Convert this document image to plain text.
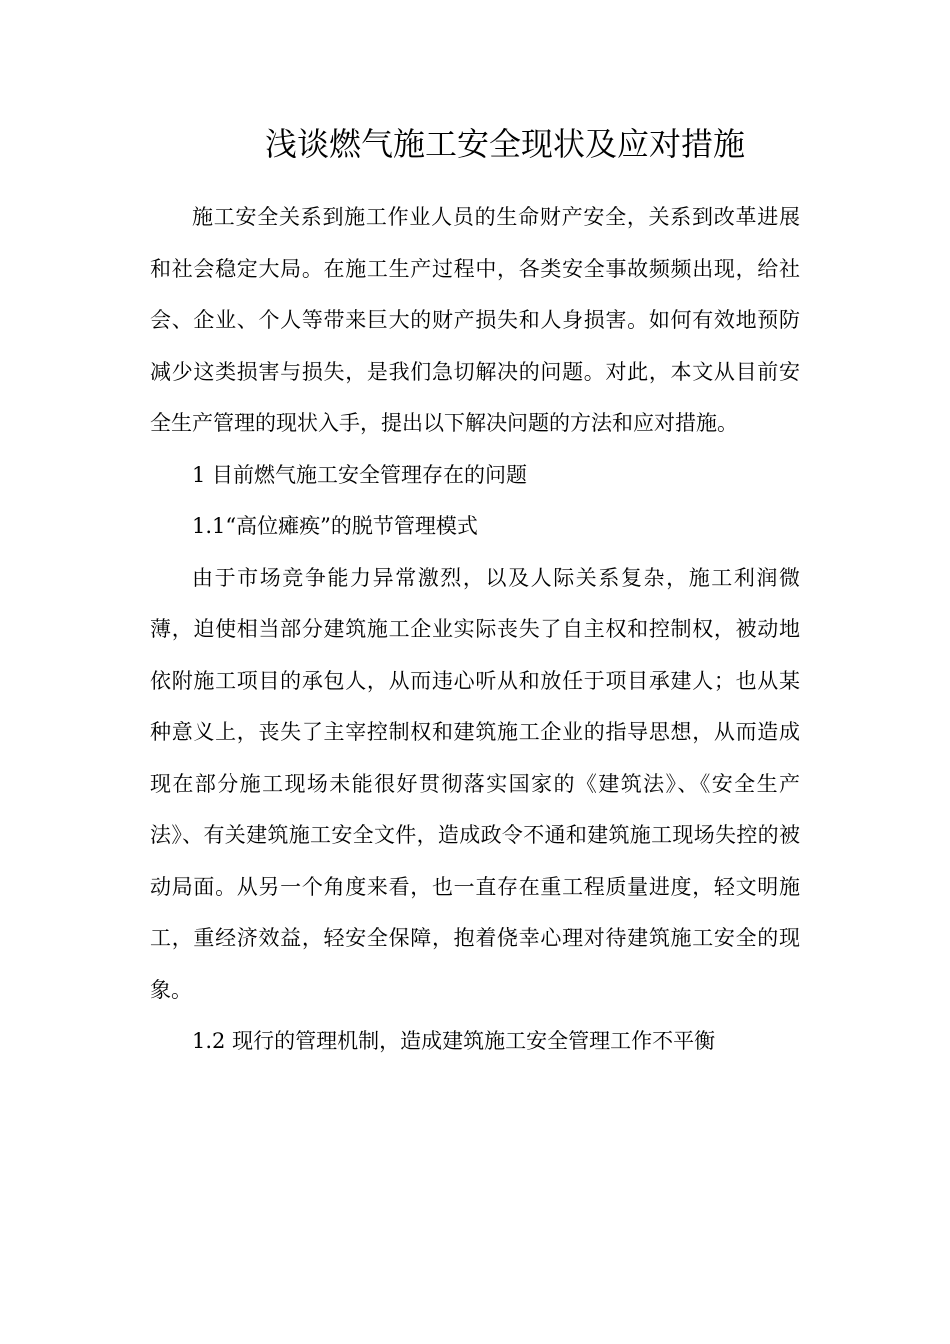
浅谈燃气施工安全现状及应对措施

施工安全关系到施工作业人员的生命财产安全，关系到改革进展和社会稳定大局。在施工生产过程中，各类安全事故频频出现，给社会、企业、个人等带来巨大的财产损失和人身损害。如何有效地预防减少这类损害与损失，是我们急切解决的问题。对此，本文从目前安全生产管理的现状入手，提出以下解决问题的方法和应对措施。

1 目前燃气施工安全管理存在的问题

1.1“高位瘫痪”的脱节管理模式

由于市场竞争能力异常激烈，以及人际关系复杂，施工利润微薄，迫使相当部分建筑施工企业实际丧失了自主权和控制权，被动地依附施工项目的承包人，从而违心听从和放任于项目承建人；也从某种意义上，丧失了主宰控制权和建筑施工企业的指导思想，从而造成现在部分施工现场未能很好贯彻落实国家的《建筑法》、《安全生产法》、有关建筑施工安全文件，造成政令不通和建筑施工现场失控的被动局面。从另一个角度来看，也一直存在重工程质量进度，轻文明施工，重经济效益，轻安全保障，抱着侥幸心理对待建筑施工安全的现象。

1.2 现行的管理机制，造成建筑施工安全管理工作不平衡
